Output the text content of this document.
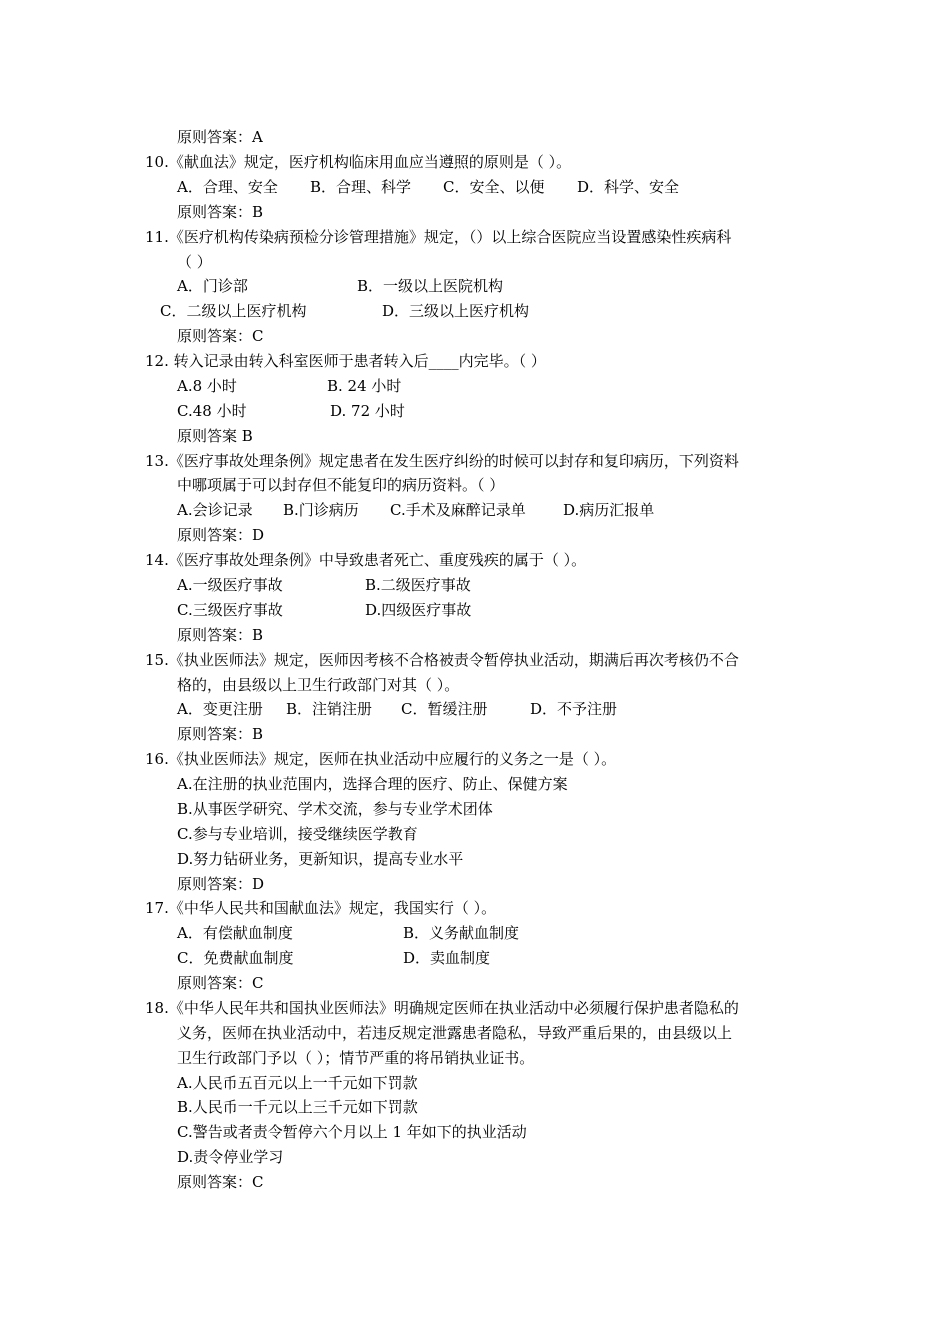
原则答案：A
10.《献血法》规定，医疗机构临床用血应当遵照的原则是（ ）。
A．合理、安全 B．合理、科学 C．安全、以便 D．科学、安全
原则答案：B
11.《医疗机构传染病预检分诊管理措施》规定，（）以上综合医院应当设置感染性疾病科
（ ）
A．门诊部	B．一级以上医院机构
C．二级以上医疗机构	D．三级以上医疗机构
原则答案：C
12. 转入记录由转入科室医师于患者转入后____内完毕。（ ）
A.8 小时	B. 24 小时
C.48 小时	D. 72 小时
原则答案 B
13.《医疗事故处理条例》规定患者在发生医疗纠纷的时候可以封存和复印病历，下列资料
中哪项属于可以封存但不能复印的病历资料。（ ）
A.会诊记录 B.门诊病历 C.手术及麻醉记录单 D.病历汇报单
原则答案：D
14.《医疗事故处理条例》中导致患者死亡、重度残疾的属于（ ）。
A.一级医疗事故	B.二级医疗事故
C.三级医疗事故	D.四级医疗事故
原则答案：B
15.《执业医师法》规定，医师因考核不合格被责令暂停执业活动，期满后再次考核仍不合
格的，由县级以上卫生行政部门对其（ ）。
A．变更注册 B．注销注册 C．暂缓注册	D．不予注册
原则答案：B
16.《执业医师法》规定，医师在执业活动中应履行的义务之一是（ ）。
A.在注册的执业范围内，选择合理的医疗、防止、保健方案
B.从事医学研究、学术交流，参与专业学术团体
C.参与专业培训，接受继续医学教育
D.努力钻研业务，更新知识，提高专业水平
原则答案：D
17.《中华人民共和国献血法》规定，我国实行（ ）。
A．有偿献血制度	B．义务献血制度
C．免费献血制度	D．卖血制度
原则答案：C
18.《中华人民年共和国执业医师法》明确规定医师在执业活动中必须履行保护患者隐私的
义务，医师在执业活动中，若违反规定泄露患者隐私，导致严重后果的，由县级以上
卫生行政部门予以（ ）；情节严重的将吊销执业证书。
A.人民币五百元以上一千元如下罚款
B.人民币一千元以上三千元如下罚款
C.警告或者责令暂停六个月以上 1 年如下的执业活动
D.责令停业学习
原则答案：C
